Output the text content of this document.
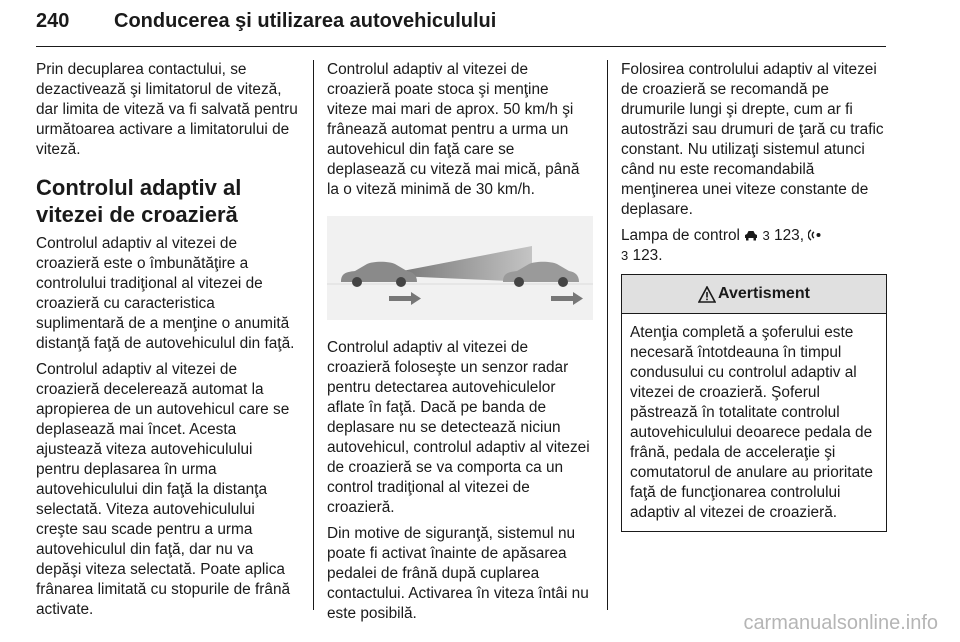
240 Conducerea şi utilizarea autovehiculului

Prin decuplarea contactului, se dezactivează şi limitatorul de viteză, dar limita de viteză va fi salvată pentru următoarea activare a limitatorului de viteză.

Controlul adaptiv al vitezei de croazieră

Controlul adaptiv al vitezei de croazieră este o îmbunătăţire a controlului tradiţional al vitezei de croazieră cu caracteristica suplimentară de a menţine o anumită distanţă faţă de autovehiculul din faţă.

Controlul adaptiv al vitezei de croazieră decelerează automat la apropierea de un autovehicul care se deplasează mai încet. Acesta ajustează viteza autovehiculului pentru deplasarea în urma autovehiculului din faţă la distanţa selectată. Viteza autovehiculului creşte sau scade pentru a urma autovehiculul din faţă, dar nu va depăşi viteza selectată. Poate aplica frânarea limitată cu stopurile de frână activate.

Controlul adaptiv al vitezei de croazieră poate stoca şi menţine viteze mai mari de aprox. 50 km/h şi frânează automat pentru a urma un autovehicul din faţă care se deplasează cu viteză mai mică, până la o viteză minimă de 30 km/h.

Controlul adaptiv al vitezei de croazieră foloseşte un senzor radar pentru detectarea autovehiculelor aflate în faţă. Dacă pe banda de deplasare nu se detectează niciun autovehicul, controlul adaptiv al vitezei de croazieră se va comporta ca un control tradiţional al vitezei de croazieră.

Din motive de siguranţă, sistemul nu poate fi activat înainte de apăsarea pedalei de frână după cuplarea contactului. Activarea în viteza întâi nu este posibilă.

Folosirea controlului adaptiv al vitezei de croazieră se recomandă pe drumurile lungi şi drepte, cum ar fi autostrăzi sau drumuri de ţară cu trafic constant. Nu utilizaţi sistemul atunci când nu este recomandabilă menţinerea unei viteze constante de deplasare.

Lampa de control 3 123,
3 123.

Avertisment
Atenţia completă a şoferului este necesară întotdeauna în timpul condusului cu controlul adaptiv al vitezei de croazieră. Şoferul păstrează în totalitate controlul autovehiculului deoarece pedala de frână, pedala de acceleraţie şi comutatorul de anulare au prioritate faţă de funcţionarea controlului adaptiv al vitezei de croazieră.
carmanualsonline.info
